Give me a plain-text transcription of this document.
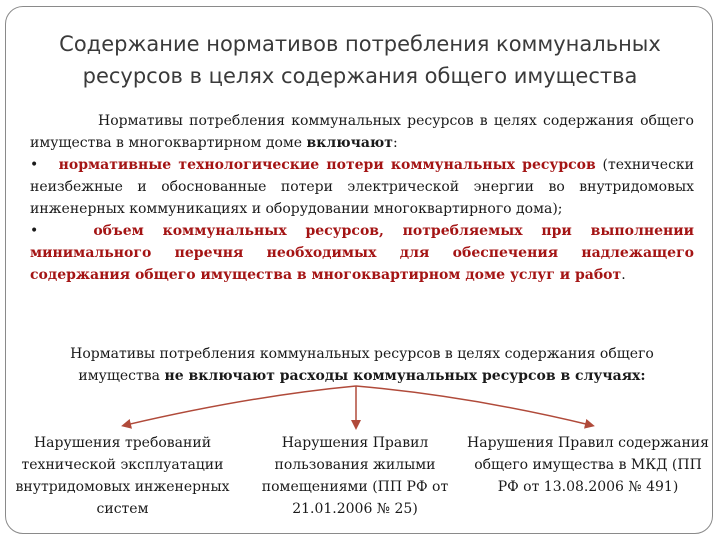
Содержание нормативов потребления коммунальных
ресурсов в целях содержания общего имущества

Нормативы потребления коммунальных ресурсов в целях содержания общего имущества в многоквартирном доме включают:

• нормативные технологические потери коммунальных ресурсов (технически неизбежные и обоснованные потери электрической энергии во внутридомовых инженерных коммуникациях и оборудовании многоквартирного дома);

•	объем коммунальных ресурсов, потребляемых при выполнении минимального перечня необходимых для обеспечения надлежащего содержания общего имущества в многоквартирном доме услуг и работ.

Нормативы потребления коммунальных ресурсов в целях содержания общего имущества не включают расходы коммунальных ресурсов в случаях:
Нарушения требований технической эксплуатации внутридомовых инженерных систем
Нарушения Правил пользования жилыми помещениями (ПП РФ от 21.01.2006 № 25)
Нарушения Правил содержания общего имущества в МКД (ПП РФ от 13.08.2006 № 491)
